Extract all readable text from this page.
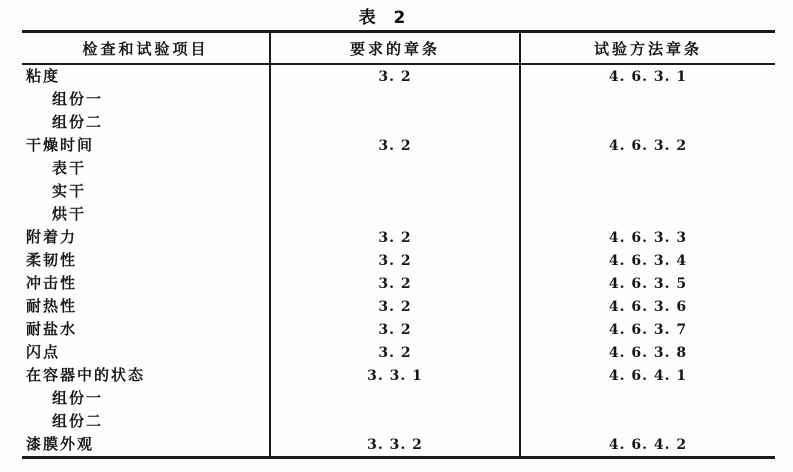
表 2
检查和试验项目	要求的章条	试验方法章条
粘度	3. 2	4. 6. 3. 1
组份一		
组份二		
干燥时间	3. 2	4. 6. 3. 2
表干		
实干		
烘干		
附着力	3. 2	4. 6. 3. 3
柔韧性	3. 2	4. 6. 3. 4
冲击性	3. 2	4. 6. 3. 5
耐热性	3. 2	4. 6. 3. 6
耐盐水	3. 2	4. 6. 3. 7
闪点	3. 2	4. 6. 3. 8
在容器中的状态	3. 3. 1	4. 6. 4. 1
组份一		
组份二		
漆膜外观	3. 3. 2	4. 6. 4. 2
